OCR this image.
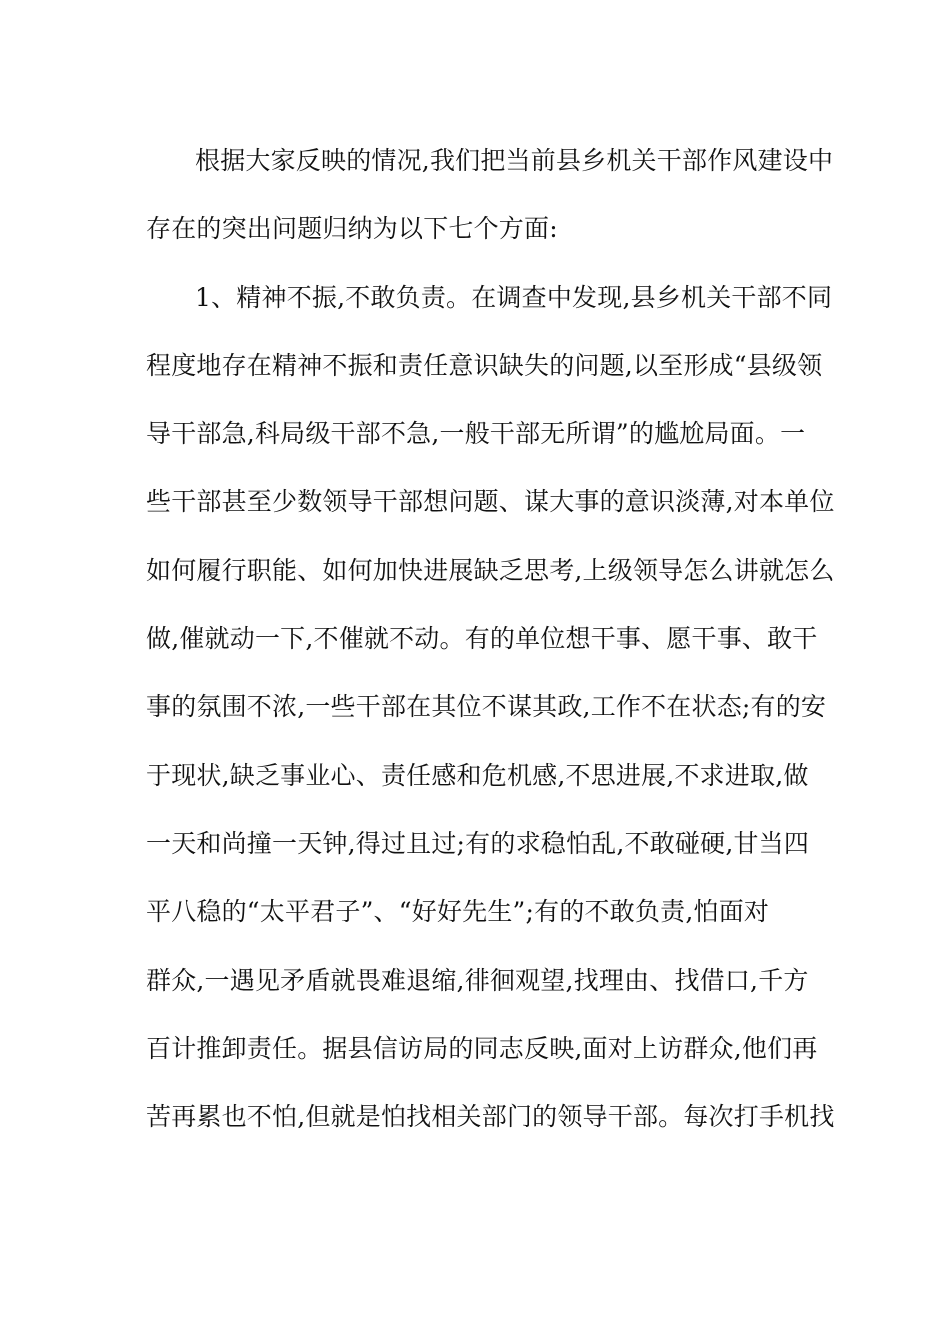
根据大家反映的情况,我们把当前县乡机关干部作风建设中
存在的突出问题归纳为以下七个方面:
1、精神不振,不敢负责。在调查中发现,县乡机关干部不同
程度地存在精神不振和责任意识缺失的问题,以至形成“县级领
导干部急,科局级干部不急,一般干部无所谓”的尴尬局面。一
些干部甚至少数领导干部想问题、谋大事的意识淡薄,对本单位
如何履行职能、如何加快进展缺乏思考,上级领导怎么讲就怎么
做,催就动一下,不催就不动。有的单位想干事、愿干事、敢干
事的氛围不浓,一些干部在其位不谋其政,工作不在状态;有的安
于现状,缺乏事业心、责任感和危机感,不思进展,不求进取,做
一天和尚撞一天钟,得过且过;有的求稳怕乱,不敢碰硬,甘当四
平八稳的“太平君子”、“好好先生”;有的不敢负责,怕面对
群众,一遇见矛盾就畏难退缩,徘徊观望,找理由、找借口,千方
百计推卸责任。据县信访局的同志反映,面对上访群众,他们再
苦再累也不怕,但就是怕找相关部门的领导干部。每次打手机找
